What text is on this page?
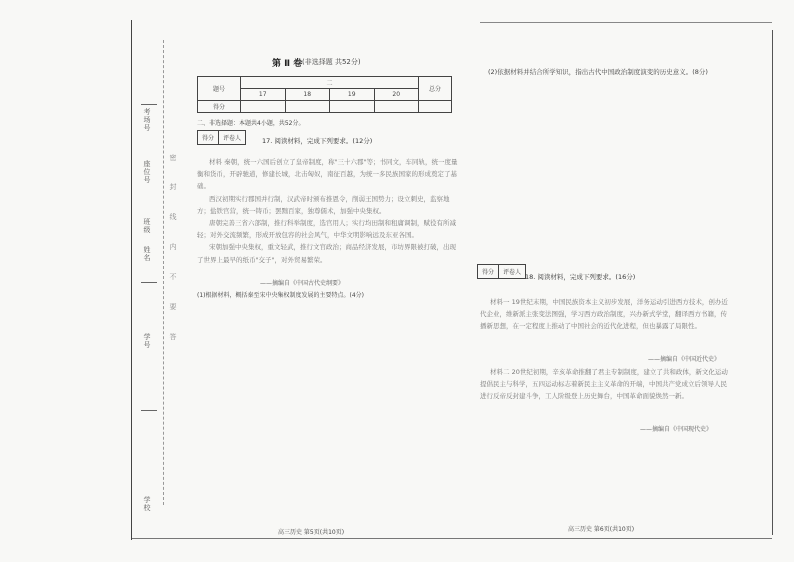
考场号
座位号
班级
姓名
学号
学校
密
封
线
内
不
要
答
第 Ⅱ 卷 (非选择题 共52分)
题号	二				总分
	17	18	19	20	
得分					
二、非选择题：本题共4小题，共52分。
得分	评卷人	17. 阅读材料，完成下列要求。(12分)

材料 秦朝，统一六国后创立了皇帝制度，称"三十六郡"等；书同文，车同轨，统一度量衡和货币，开辟驰道，修建长城，北击匈奴，南征百越，为统一多民族国家的形成奠定了基础。

西汉初期实行郡国并行制，汉武帝时颁布推恩令，削弱王国势力；设立刺史，监察地方；盐铁官营，统一铸币；罢黜百家，独尊儒术，加强中央集权。

唐朝完善三省六部制，推行科举制度，选官用人；实行均田制和租庸调制，赋役有所减轻；对外交流频繁，形成开放包容的社会风气，中华文明影响远及东亚各国。

宋朝加强中央集权，重文轻武，推行文官政治；商品经济发展，市坊界限被打破，出现了世界上最早的纸币"交子"，对外贸易繁荣。

——摘编自《中国古代史纲要》
(1)根据材料，概括秦至宋中央集权制度发展的主要特点。(4分)
高三历史 第5页(共10页)
(2)依据材料并结合所学知识，指出古代中国政治制度演变的历史意义。(8分)
得分	评卷人
18. 阅读材料，完成下列要求。(16分)
材料一 19世纪末期，中国民族资本主义初步发展，洋务运动引进西方技术，创办近代企业，维新派主张变法图强，学习西方政治制度，兴办新式学堂，翻译西方书籍，传播新思想，在一定程度上推动了中国社会的近代化进程，但也暴露了局限性。
——摘编自《中国近代史》
材料二 20世纪初期，辛亥革命推翻了君主专制制度，建立了共和政体，新文化运动提倡民主与科学，五四运动标志着新民主主义革命的开端，中国共产党成立后领导人民进行反帝反封建斗争，工人阶级登上历史舞台，中国革命面貌焕然一新。
——摘编自《中国现代史》
高三历史 第6页(共10页)
